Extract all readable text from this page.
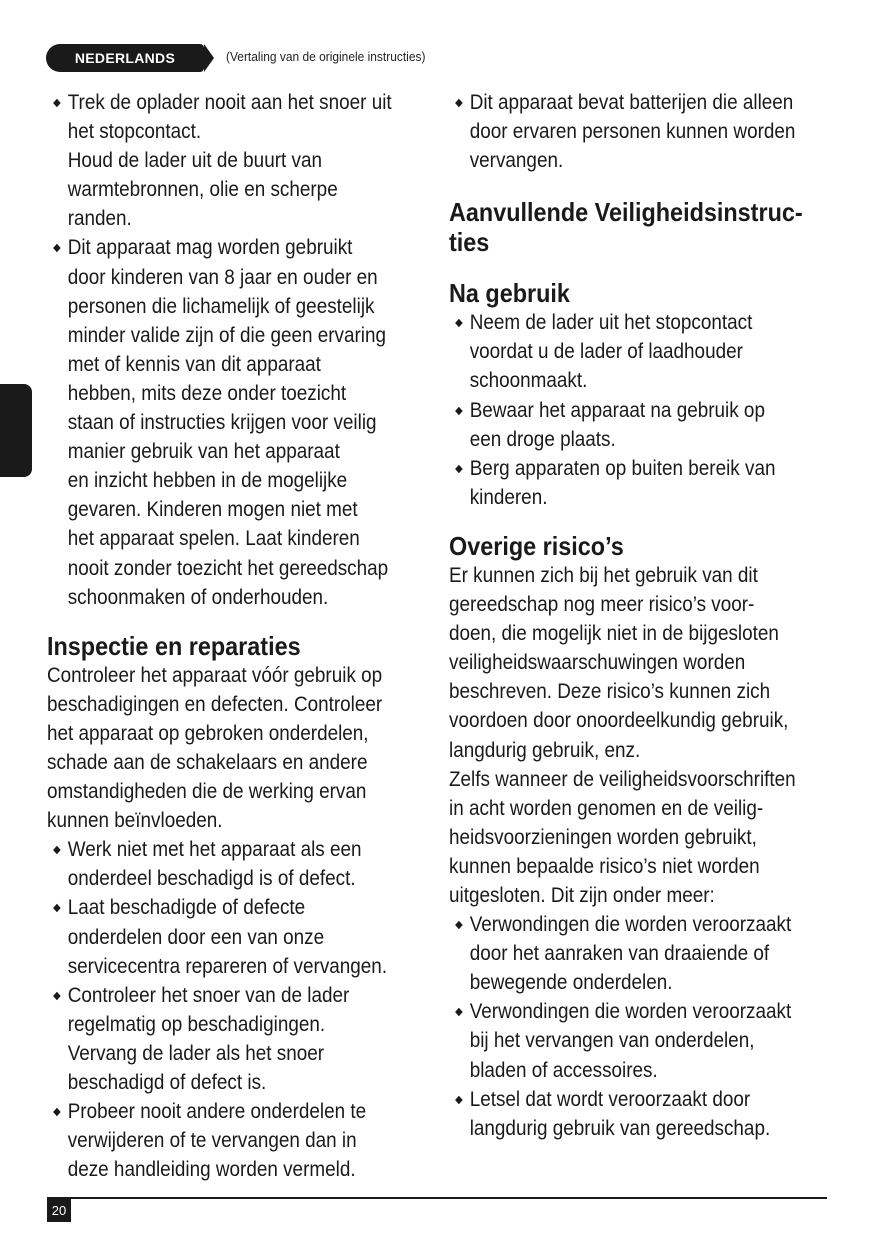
NEDERLANDS	(Vertaling van de originele instructies)
Trek de oplader nooit aan het snoer uit
het stopcontact.
Houd de lader uit de buurt van
warmtebronnen, olie en scherpe
randen.
Dit apparaat mag worden gebruikt
door kinderen van 8 jaar en ouder en
personen die lichamelijk of geestelijk
minder valide zijn of die geen ervaring
met of kennis van dit apparaat
hebben, mits deze onder toezicht
staan of instructies krijgen voor veilig
manier gebruik van het apparaat
en inzicht hebben in de mogelijke
gevaren. Kinderen mogen niet met
het apparaat spelen. Laat kinderen
nooit zonder toezicht het gereedschap
schoonmaken of onderhouden.
Inspectie en reparaties
Controleer het apparaat vóór gebruik op
beschadigingen en defecten. Controleer
het apparaat op gebroken onderdelen,
schade aan de schakelaars en andere
omstandigheden die de werking ervan
kunnen beïnvloeden.
Werk niet met het apparaat als een
onderdeel beschadigd is of defect.
Laat beschadigde of defecte
onderdelen door een van onze
servicecentra repareren of vervangen.
Controleer het snoer van de lader
regelmatig op beschadigingen.
Vervang de lader als het snoer
beschadigd of defect is.
Probeer nooit andere onderdelen te
verwijderen of te vervangen dan in
deze handleiding worden vermeld.
Dit apparaat bevat batterijen die alleen
door ervaren personen kunnen worden
vervangen.
Aanvullende Veiligheidsinstruc-
ties
Na gebruik
Neem de lader uit het stopcontact
voordat u de lader of laadhouder
schoonmaakt.
Bewaar het apparaat na gebruik op
een droge plaats.
Berg apparaten op buiten bereik van
kinderen.
Overige risico’s
Er kunnen zich bij het gebruik van dit
gereedschap nog meer risico’s voor-
doen, die mogelijk niet in de bijgesloten
veiligheidswaarschuwingen worden
beschreven. Deze risico’s kunnen zich
voordoen door onoordeelkundig gebruik,
langdurig gebruik, enz.
Zelfs wanneer de veiligheidsvoorschriften
in acht worden genomen en de veilig-
heidsvoorzieningen worden gebruikt,
kunnen bepaalde risico’s niet worden
uitgesloten. Dit zijn onder meer:
Verwondingen die worden veroorzaakt
door het aanraken van draaiende of
bewegende onderdelen.
Verwondingen die worden veroorzaakt
bij het vervangen van onderdelen,
bladen of accessoires.
Letsel dat wordt veroorzaakt door
langdurig gebruik van gereedschap.
20
